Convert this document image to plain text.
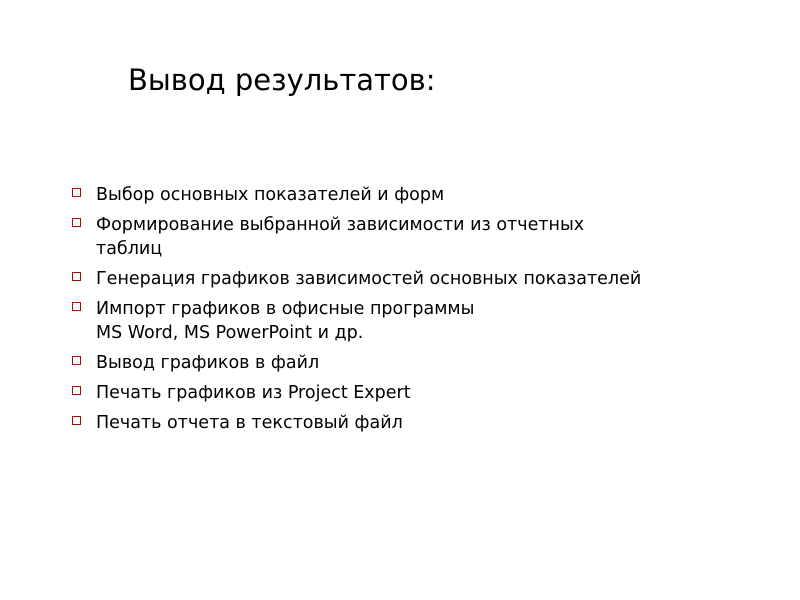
Вывод результатов:
Выбор основных показателей и форм
Формирование выбранной зависимости из отчетных
таблиц
Генерация графиков зависимостей основных показателей
Импорт графиков в офисные программы
MS Word, MS PowerPoint и др.
Вывод графиков в файл
Печать графиков из Project Expert
Печать отчета в текстовый файл
